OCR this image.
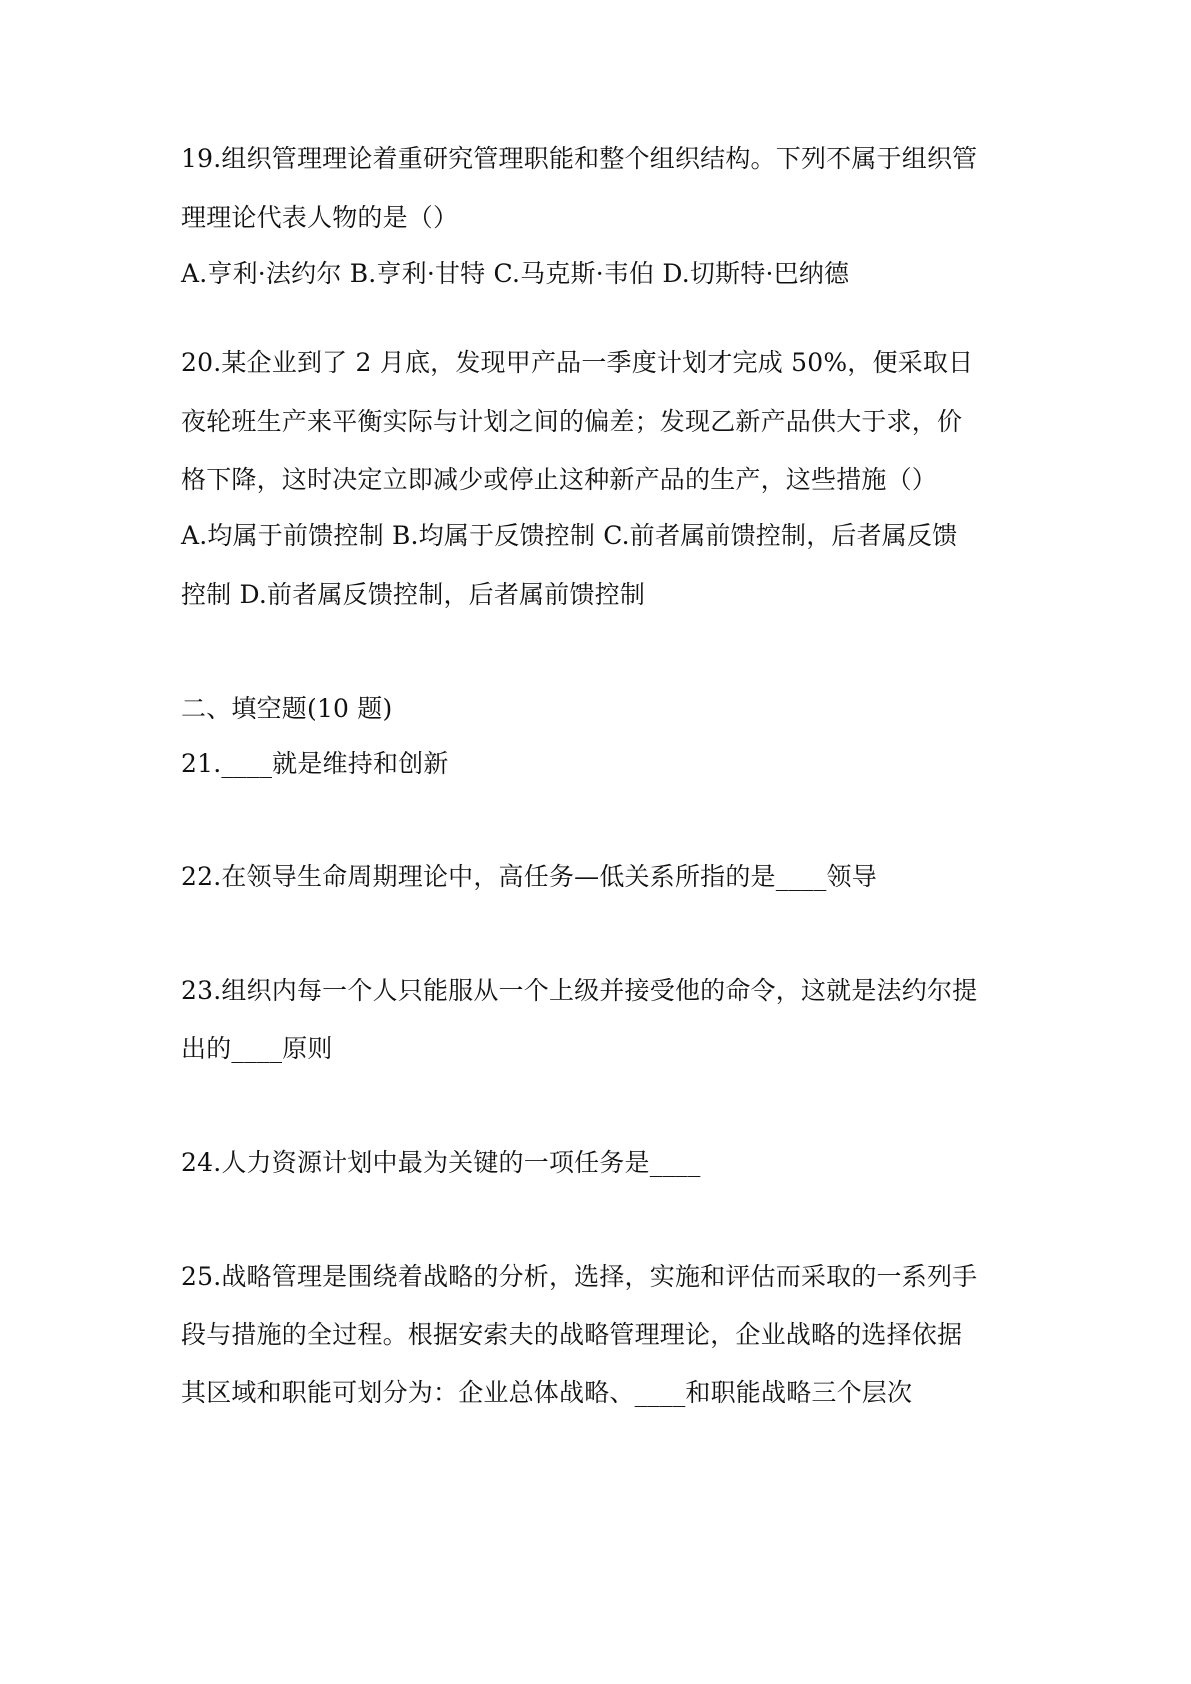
19.组织管理理论着重研究管理职能和整个组织结构。下列不属于组织管
理理论代表人物的是（）
A.亨利·法约尔 B.亨利·甘特 C.马克斯·韦伯 D.切斯特·巴纳德
20.某企业到了 2 月底，发现甲产品一季度计划才完成 50%，便采取日
夜轮班生产来平衡实际与计划之间的偏差；发现乙新产品供大于求，价
格下降，这时决定立即减少或停止这种新产品的生产，这些措施（）
A.均属于前馈控制 B.均属于反馈控制 C.前者属前馈控制，后者属反馈
控制 D.前者属反馈控制，后者属前馈控制
二、填空题(10 题)
21.____就是维持和创新
22.在领导生命周期理论中，高任务—低关系所指的是____领导
23.组织内每一个人只能服从一个上级并接受他的命令，这就是法约尔提
出的____原则
24.人力资源计划中最为关键的一项任务是____
25.战略管理是围绕着战略的分析，选择，实施和评估而采取的一系列手
段与措施的全过程。根据安索夫的战略管理理论，企业战略的选择依据
其区域和职能可划分为：企业总体战略、____和职能战略三个层次
